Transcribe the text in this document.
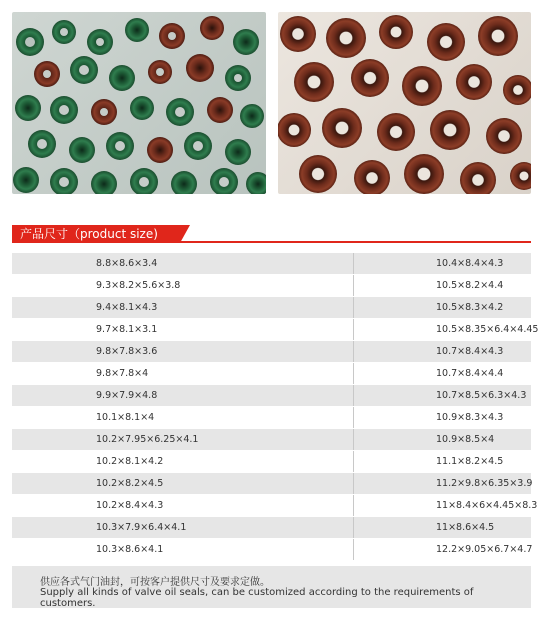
产品尺寸（product size)
8.8×8.6×3.4	10.4×8.4×4.3
9.3×8.2×5.6×3.8	10.5×8.2×4.4
9.4×8.1×4.3	10.5×8.3×4.2
9.7×8.1×3.1	10.5×8.35×6.4×4.45
9.8×7.8×3.6	10.7×8.4×4.3
9.8×7.8×4	10.7×8.4×4.4
9.9×7.9×4.8	10.7×8.5×6.3×4.3
10.1×8.1×4	10.9×8.3×4.3
10.2×7.95×6.25×4.1	10.9×8.5×4
10.2×8.1×4.2	11.1×8.2×4.5
10.2×8.2×4.5	11.2×9.8×6.35×3.9
10.2×8.4×4.3	11×8.4×6×4.45×8.3
10.3×7.9×6.4×4.1	11×8.6×4.5
10.3×8.6×4.1	12.2×9.05×6.7×4.7
供应各式气门油封，可按客户提供尺寸及要求定做。
Supply all kinds of valve oil seals, can be customized according to the requirements of customers.
